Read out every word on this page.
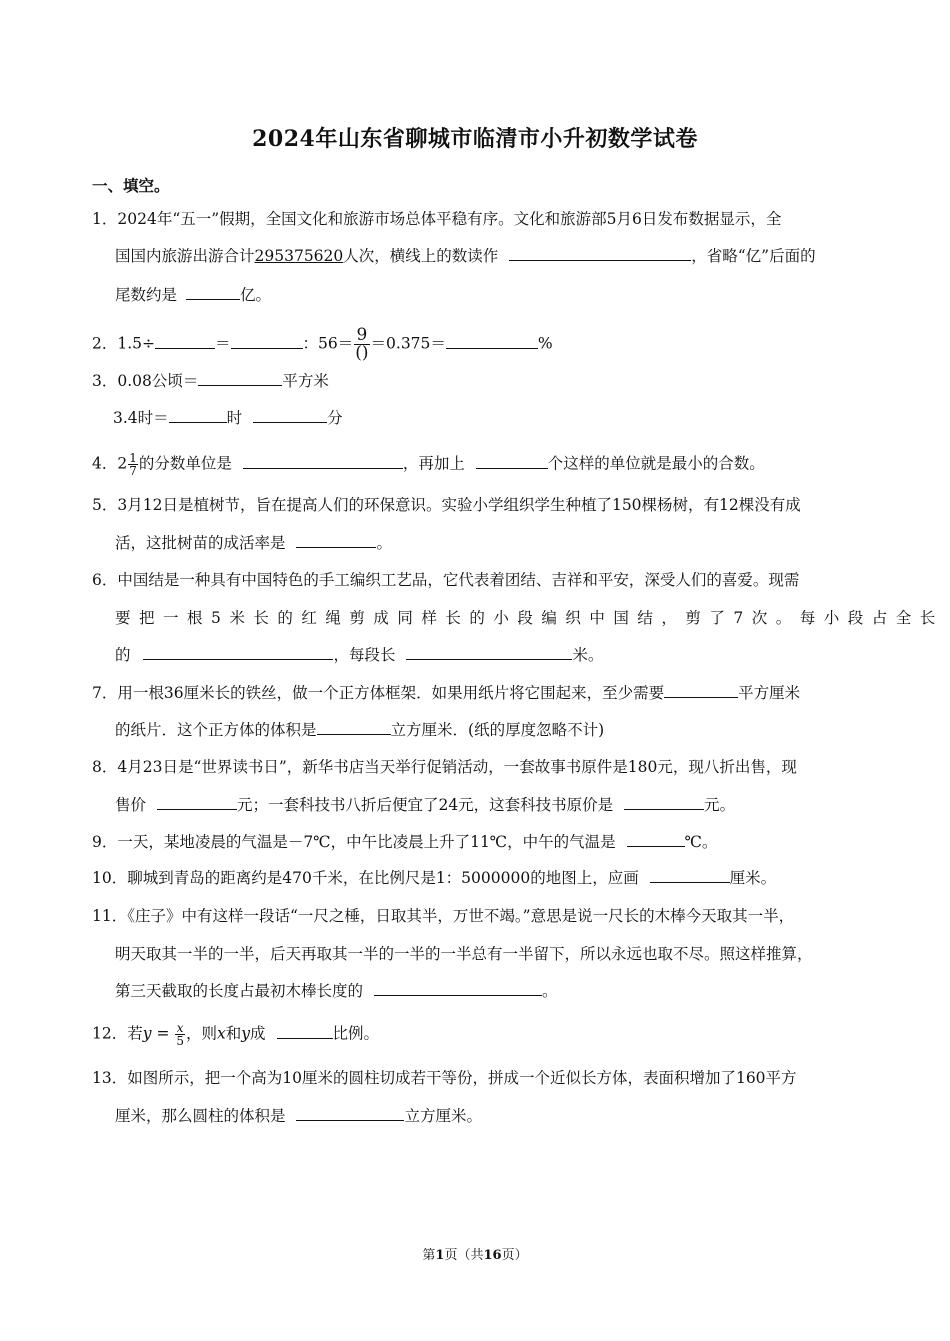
2024年山东省聊城市临清市小升初数学试卷
一、填空。
1．2024年“五一”假期，全国文化和旅游市场总体平稳有序。文化和旅游部5月6日发布数据显示，全
国国内旅游出游合计295375620人次，横线上的数读作	，省略“亿”后面的
尾数约是	亿。
2．1.5÷	＝	：$56= \frac{9}{()} =0.375=$	%
3．0.08公顷＝	平方米
3.4时＝	时	分
4．$2 \frac{1}{7}$ 的分数单位是	，再加上	个这样的单位就是最小的合数。
5．3月12日是植树节，旨在提高人们的环保意识。实验小学组织学生种植了150棵杨树，有12棵没有成
活，这批树苗的成活率是	。
6．中国结是一种具有中国特色的手工编织工艺品，它代表着团结、吉祥和平安，深受人们的喜爱。现需
要把一根5米长的红绳剪成同样长的小段编织中国结，剪了7次。每小段占全长
的	，每段长	米。
7．用一根36厘米长的铁丝，做一个正方体框架．如果用纸片将它围起来，至少需要	平方厘米
的纸片．这个正方体的体积是	立方厘米．(纸的厚度忽略不计)
8．4月23日是“世界读书日”，新华书店当天举行促销活动，一套故事书原件是180元，现八折出售，现
售价	元；一套科技书八折后便宜了24元，这套科技书原价是	元。
9．一天，某地凌晨的气温是－7℃，中午比凌晨上升了11℃，中午的气温是	℃。
10．聊城到青岛的距离约是470千米，在比例尺是1：5000000的地图上，应画	厘米。
11．《庄子》中有这样一段话“一尺之棰，日取其半，万世不竭。”意思是说一尺长的木棒今天取其一半，
明天取其一半的一半，后天再取其一半的一半的一半总有一半留下，所以永远也取不尽。照这样推算，
第三天截取的长度占最初木棒长度的	。
12．若$y = \frac{x}{5}$ ，则x和y成	比例。
13．如图所示，把一个高为10厘米的圆柱切成若干等份，拼成一个近似长方体，表面积增加了160平方
厘米，那么圆柱的体积是	立方厘米。
第1页（共16页）
